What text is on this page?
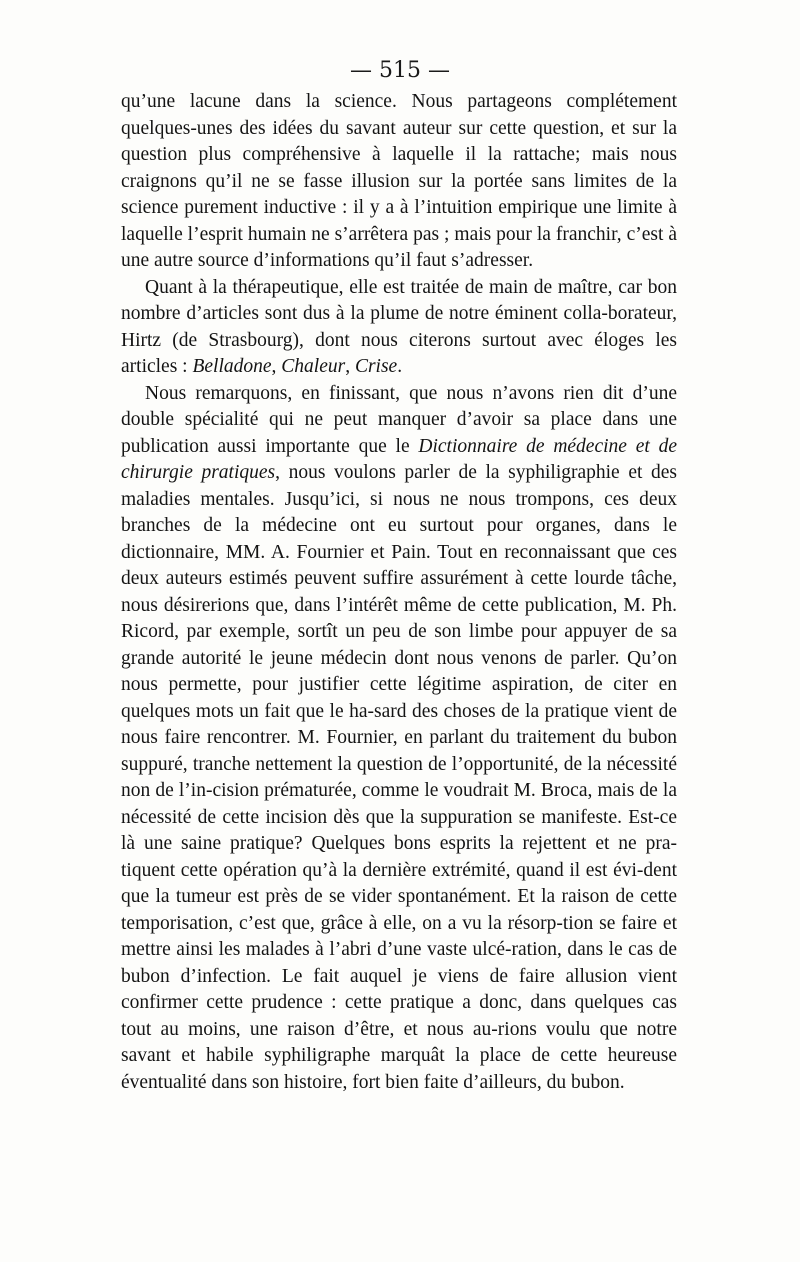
— 515 —

qu’une lacune dans la science. Nous partageons complétement quelques-unes des idées du savant auteur sur cette question, et sur la question plus compréhensive à laquelle il la rattache; mais nous craignons qu’il ne se fasse illusion sur la portée sans limites de la science purement inductive : il y a à l’intuition empirique une limite à laquelle l’esprit humain ne s’arrêtera pas ; mais pour la franchir, c’est à une autre source d’informations qu’il faut s’adresser.

Quant à la thérapeutique, elle est traitée de main de maître, car bon nombre d’articles sont dus à la plume de notre éminent colla-borateur, Hirtz (de Strasbourg), dont nous citerons surtout avec éloges les articles : Belladone, Chaleur, Crise.

Nous remarquons, en finissant, que nous n’avons rien dit d’une double spécialité qui ne peut manquer d’avoir sa place dans une publication aussi importante que le Dictionnaire de médecine et de chirurgie pratiques, nous voulons parler de la syphiligraphie et des maladies mentales. Jusqu’ici, si nous ne nous trompons, ces deux branches de la médecine ont eu surtout pour organes, dans le dictionnaire, MM. A. Fournier et Pain. Tout en reconnaissant que ces deux auteurs estimés peuvent suffire assurément à cette lourde tâche, nous désirerions que, dans l’intérêt même de cette publication, M. Ph. Ricord, par exemple, sortît un peu de son limbe pour appuyer de sa grande autorité le jeune médecin dont nous venons de parler. Qu’on nous permette, pour justifier cette légitime aspiration, de citer en quelques mots un fait que le ha-sard des choses de la pratique vient de nous faire rencontrer. M. Fournier, en parlant du traitement du bubon suppuré, tranche nettement la question de l’opportunité, de la nécessité non de l’in-cision prématurée, comme le voudrait M. Broca, mais de la nécessité de cette incision dès que la suppuration se manifeste. Est-ce là une saine pratique? Quelques bons esprits la rejettent et ne pra-tiquent cette opération qu’à la dernière extrémité, quand il est évi-dent que la tumeur est près de se vider spontanément. Et la raison de cette temporisation, c’est que, grâce à elle, on a vu la résorp-tion se faire et mettre ainsi les malades à l’abri d’une vaste ulcé-ration, dans le cas de bubon d’infection. Le fait auquel je viens de faire allusion vient confirmer cette prudence : cette pratique a donc, dans quelques cas tout au moins, une raison d’être, et nous au-rions voulu que notre savant et habile syphiligraphe marquât la place de cette heureuse éventualité dans son histoire, fort bien faite d’ailleurs, du bubon.
